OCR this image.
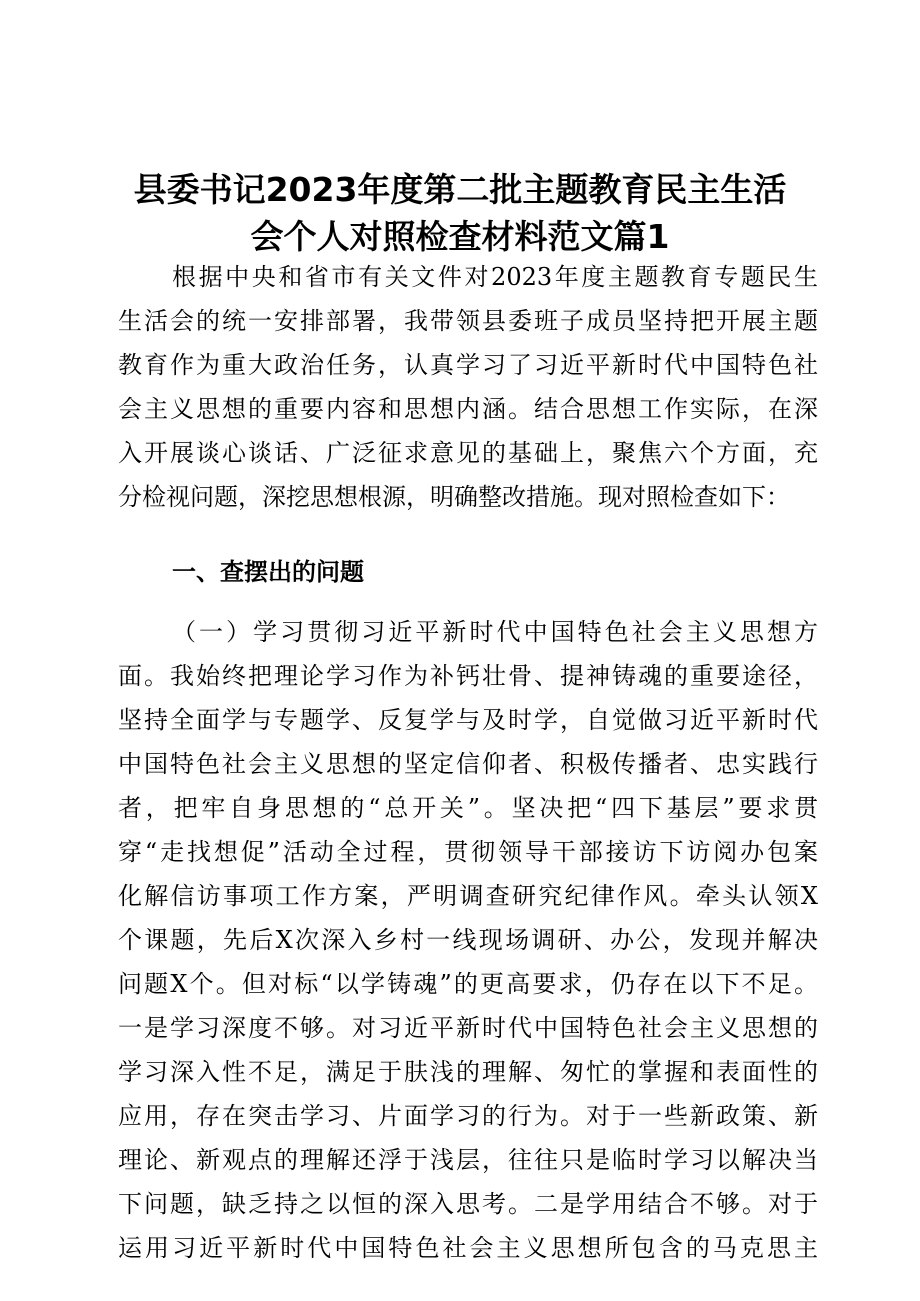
县委书记2023年度第二批主题教育民主生活
会个人对照检查材料范文篇1
根据中央和省市有关文件对2023年度主题教育专题民生
生活会的统一安排部署，我带领县委班子成员坚持把开展主题
教育作为重大政治任务，认真学习了习近平新时代中国特色社
会主义思想的重要内容和思想内涵。结合思想工作实际，在深
入开展谈心谈话、广泛征求意见的基础上，聚焦六个方面，充
分检视问题，深挖思想根源，明确整改措施。现对照检查如下：
一、查摆出的问题
（一）学习贯彻习近平新时代中国特色社会主义思想方
面。我始终把理论学习作为补钙壮骨、提神铸魂的重要途径，
坚持全面学与专题学、反复学与及时学，自觉做习近平新时代
中国特色社会主义思想的坚定信仰者、积极传播者、忠实践行
者，把牢自身思想的“总开关”。坚决把“四下基层”要求贯
穿“走找想促”活动全过程，贯彻领导干部接访下访阅办包案
化解信访事项工作方案，严明调查研究纪律作风。牵头认领X
个课题，先后X次深入乡村一线现场调研、办公，发现并解决
问题X个。但对标“以学铸魂”的更高要求，仍存在以下不足。
一是学习深度不够。对习近平新时代中国特色社会主义思想的
学习深入性不足，满足于肤浅的理解、匆忙的掌握和表面性的
应用，存在突击学习、片面学习的行为。对于一些新政策、新
理论、新观点的理解还浮于浅层，往往只是临时学习以解决当
下问题，缺乏持之以恒的深入思考。二是学用结合不够。对于
运用习近平新时代中国特色社会主义思想所包含的马克思主
